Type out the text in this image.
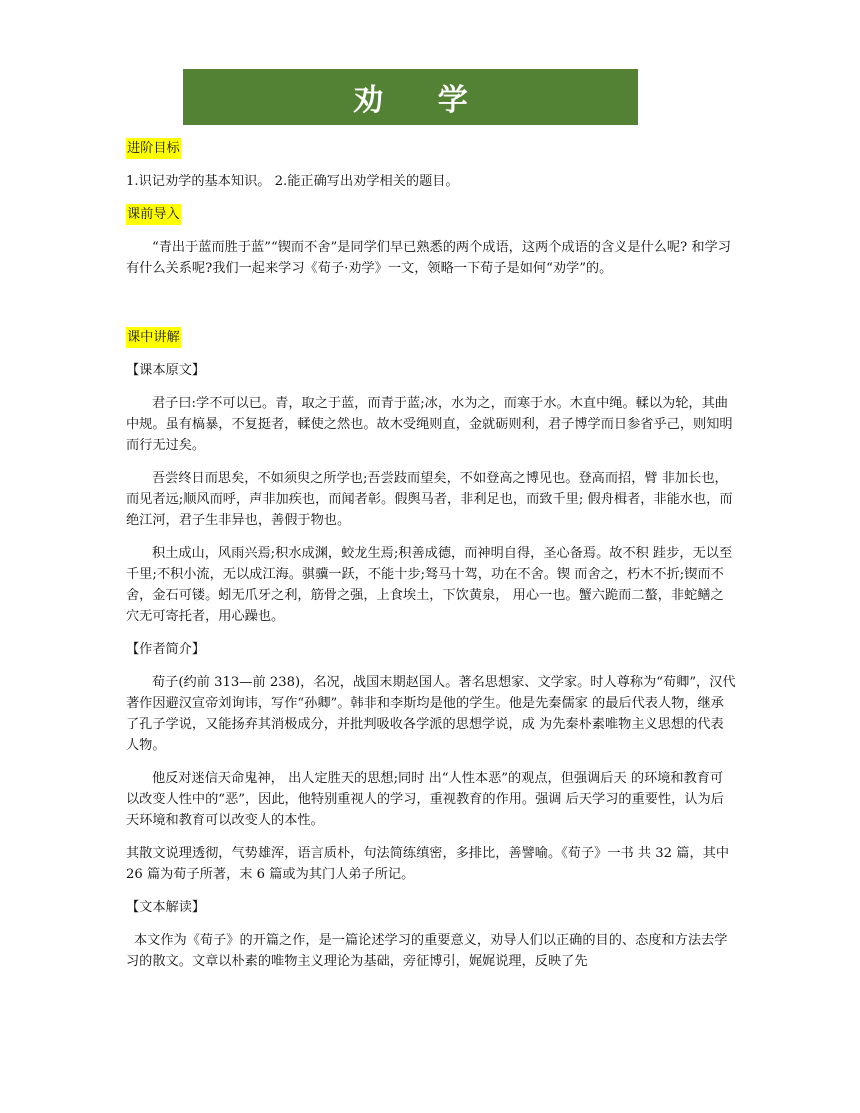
劝 学
进阶目标

1.识记劝学的基本知识。 2.能正确写出劝学相关的题目。

课前导入

“青出于蓝而胜于蓝”“锲而不舍”是同学们早已熟悉的两个成语，这两个成语的含义是什么呢? 和学习有什么关系呢?我们一起来学习《荀子·劝学》一文，领略一下荀子是如何“劝学”的。

课中讲解
【课本原文】

君子曰:学不可以已。青，取之于蓝，而青于蓝;冰，水为之，而寒于水。木直中绳。輮以为轮，其曲中规。虽有槁暴，不复挺者，輮使之然也。故木受绳则直，金就砺则利，君子博学而日参省乎己，则知明而行无过矣。

吾尝终日而思矣，不如须臾之所学也;吾尝跂而望矣，不如登高之博见也。登高而招，臂 非加长也，而见者远;顺风而呼，声非加疾也，而闻者彰。假舆马者，非利足也，而致千里; 假舟楫者，非能水也，而绝江河，君子生非异也，善假于物也。

积土成山，风雨兴焉;积水成渊，蛟龙生焉;积善成德，而神明自得，圣心备焉。故不积 跬步，无以至千里;不积小流，无以成江海。骐骥一跃，不能十步;驽马十驾，功在不舍。锲 而舍之，朽木不折;锲而不舍，金石可镂。蚓无爪牙之利，筋骨之强，上食埃土，下饮黄泉， 用心一也。蟹六跪而二螯，非蛇鳝之穴无可寄托者，用心躁也。

【作者简介】

荀子(约前 313—前 238)，名况，战国末期赵国人。著名思想家、文学家。时人尊称为“荀卿”，汉代著作因避汉宣帝刘询讳，写作“孙卿”。韩非和李斯均是他的学生。他是先秦儒家 的最后代表人物，继承了孔子学说，又能扬弃其消极成分，并批判吸收各学派的思想学说，成 为先秦朴素唯物主义思想的代表人物。

他反对迷信天命鬼神， 出人定胜天的思想;同时 出“人性本恶”的观点，但强调后天 的环境和教育可以改变人性中的“恶”，因此，他特别重视人的学习，重视教育的作用。强调 后天学习的重要性，认为后天环境和教育可以改变人的本性。

其散文说理透彻，气势雄浑，语言质朴，句法简练缜密，多排比，善譬喻。《荀子》一书 共 32 篇，其中 26 篇为荀子所著，末 6 篇或为其门人弟子所记。

【文本解读】

本文作为《荀子》的开篇之作，是一篇论述学习的重要意义，劝导人们以正确的目的、态度和方法去学习的散文。文章以朴素的唯物主义理论为基础，旁征博引，娓娓说理，反映了先
